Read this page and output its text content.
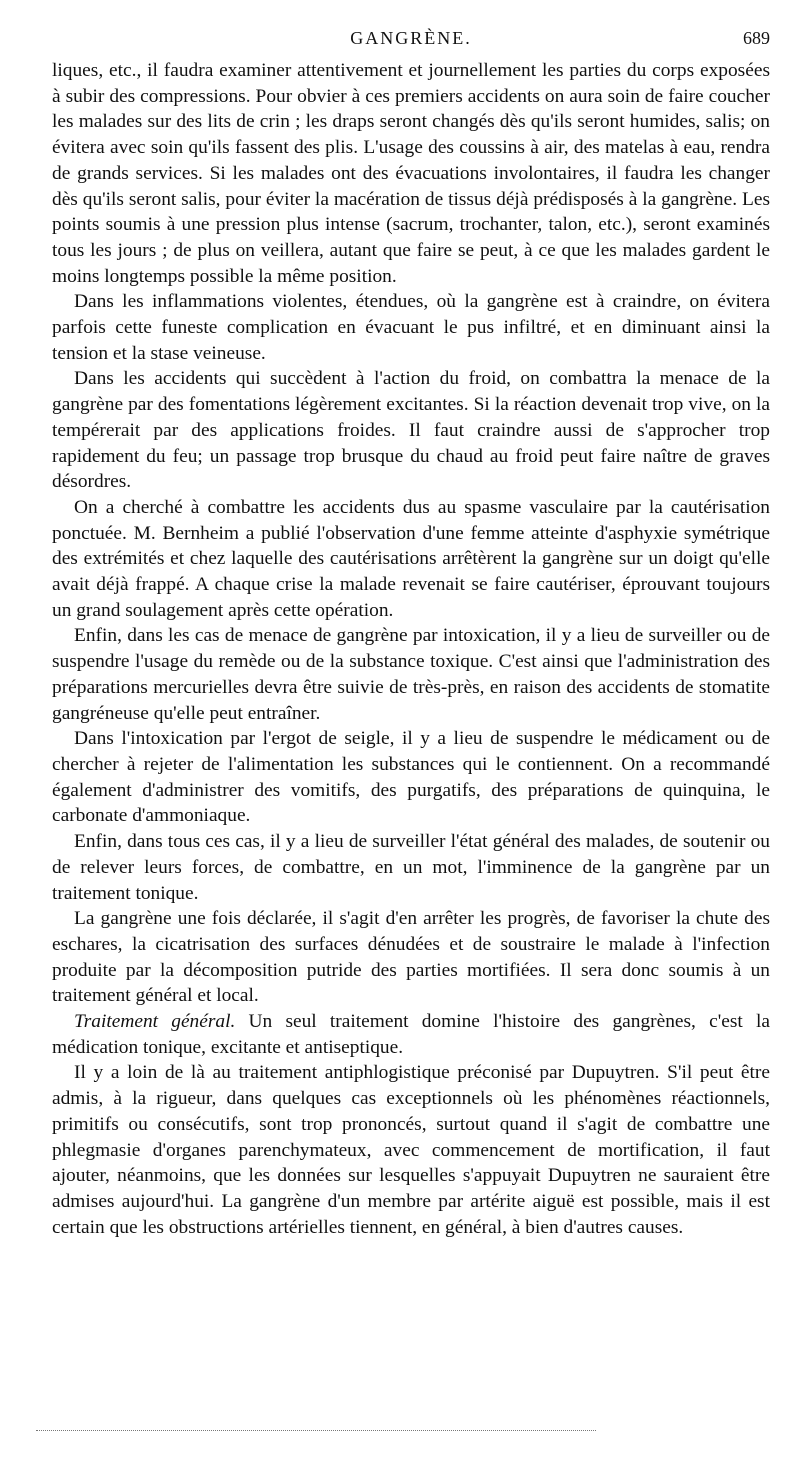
GANGRÈNE.	689

liques, etc., il faudra examiner attentivement et journellement les parties du corps exposées à subir des compressions. Pour obvier à ces premiers accidents on aura soin de faire coucher les malades sur des lits de crin ; les draps seront changés dès qu'ils seront humides, salis; on évitera avec soin qu'ils fassent des plis. L'usage des coussins à air, des matelas à eau, rendra de grands services. Si les malades ont des évacuations involontaires, il faudra les changer dès qu'ils seront salis, pour éviter la macération de tissus déjà prédisposés à la gangrène. Les points soumis à une pression plus intense (sacrum, trochanter, talon, etc.), seront examinés tous les jours ; de plus on veillera, autant que faire se peut, à ce que les malades gardent le moins longtemps possible la même position.

Dans les inflammations violentes, étendues, où la gangrène est à craindre, on évitera parfois cette funeste complication en évacuant le pus infiltré, et en diminuant ainsi la tension et la stase veineuse.

Dans les accidents qui succèdent à l'action du froid, on combattra la menace de la gangrène par des fomentations légèrement excitantes. Si la réaction devenait trop vive, on la tempérerait par des applications froides. Il faut craindre aussi de s'approcher trop rapidement du feu; un passage trop brusque du chaud au froid peut faire naître de graves désordres.

On a cherché à combattre les accidents dus au spasme vasculaire par la cautérisation ponctuée. M. Bernheim a publié l'observation d'une femme atteinte d'asphyxie symétrique des extrémités et chez laquelle des cautérisations arrêtèrent la gangrène sur un doigt qu'elle avait déjà frappé. A chaque crise la malade revenait se faire cautériser, éprouvant toujours un grand soulagement après cette opération.

Enfin, dans les cas de menace de gangrène par intoxication, il y a lieu de surveiller ou de suspendre l'usage du remède ou de la substance toxique. C'est ainsi que l'administration des préparations mercurielles devra être suivie de très-près, en raison des accidents de stomatite gangréneuse qu'elle peut entraîner.

Dans l'intoxication par l'ergot de seigle, il y a lieu de suspendre le médicament ou de chercher à rejeter de l'alimentation les substances qui le contiennent. On a recommandé également d'administrer des vomitifs, des purgatifs, des préparations de quinquina, le carbonate d'ammoniaque.

Enfin, dans tous ces cas, il y a lieu de surveiller l'état général des malades, de soutenir ou de relever leurs forces, de combattre, en un mot, l'imminence de la gangrène par un traitement tonique.

La gangrène une fois déclarée, il s'agit d'en arrêter les progrès, de favoriser la chute des eschares, la cicatrisation des surfaces dénudées et de soustraire le malade à l'infection produite par la décomposition putride des parties mortifiées. Il sera donc soumis à un traitement général et local.

Traitement général. Un seul traitement domine l'histoire des gangrènes, c'est la médication tonique, excitante et antiseptique.

Il y a loin de là au traitement antiphlogistique préconisé par Dupuytren. S'il peut être admis, à la rigueur, dans quelques cas exceptionnels où les phénomènes réactionnels, primitifs ou consécutifs, sont trop prononcés, surtout quand il s'agit de combattre une phlegmasie d'organes parenchymateux, avec commencement de mortification, il faut ajouter, néanmoins, que les données sur lesquelles s'appuyait Dupuytren ne sauraient être admises aujourd'hui. La gangrène d'un membre par artérite aiguë est possible, mais il est certain que les obstructions artérielles tiennent, en général, à bien d'autres causes.
